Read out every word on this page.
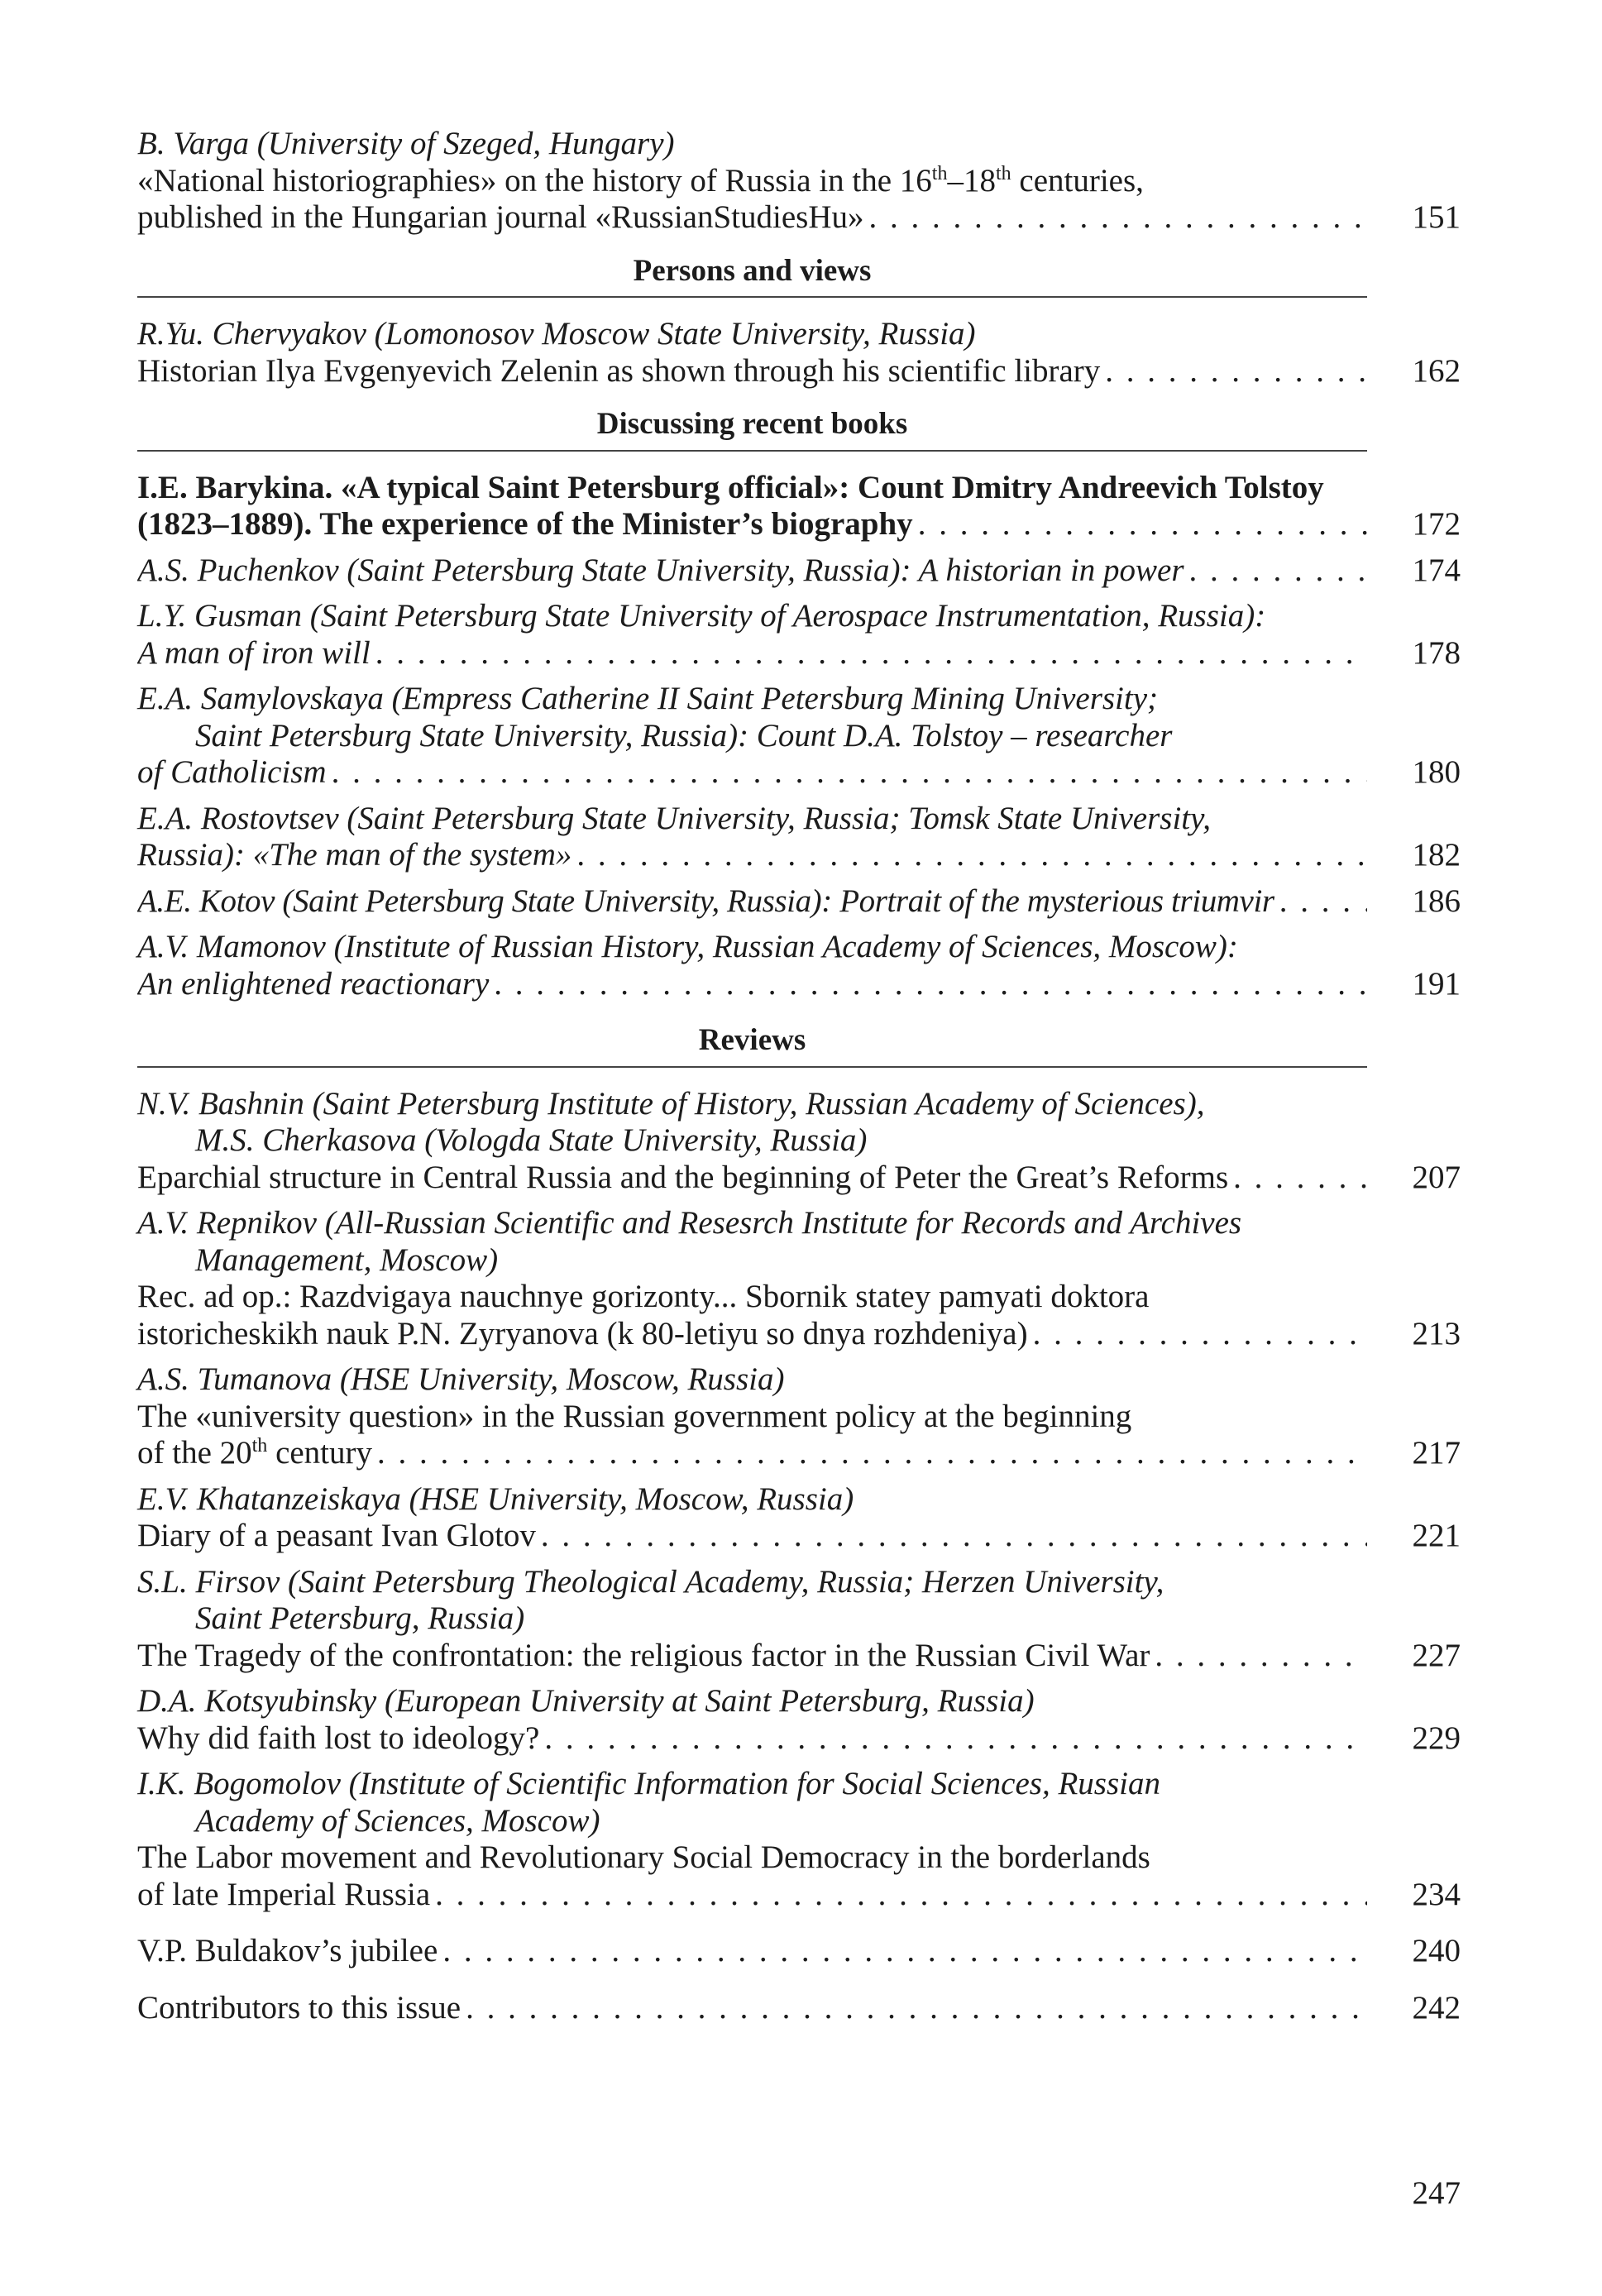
B. Varga (University of Szeged, Hungary)
«National historiographies» on the history of Russia in the 16th–18th centuries,
published in the Hungarian journal «RussianStudiesHu» . . .	151
Persons and views
R.Yu. Chervyakov (Lomonosov Moscow State University, Russia)
Historian Ilya Evgenyevich Zelenin as shown through his scientific library . . .	162
Discussing recent books
I.E. Barykina. «A typical Saint Petersburg official»: Count Dmitry Andreevich Tolstoy
(1823–1889). The experience of the Minister’s biography . . .	172
A.S. Puchenkov (Saint Petersburg State University, Russia): A historian in power . . .	174
L.Y. Gusman (Saint Petersburg State University of Aerospace Instrumentation, Russia):
A man of iron will . . .	178
E.A. Samylovskaya (Empress Catherine II Saint Petersburg Mining University;
Saint Petersburg State University, Russia): Count D.A. Tolstoy – researcher
of Catholicism . . .	180
E.A. Rostovtsev (Saint Petersburg State University, Russia; Tomsk State University,
Russia): «The man of the system» . . .	182
A.E. Kotov (Saint Petersburg State University, Russia): Portrait of the mysterious triumvir . . .	186
A.V. Mamonov (Institute of Russian History, Russian Academy of Sciences, Moscow):
An enlightened reactionary . . .	191
Reviews
N.V. Bashnin (Saint Petersburg Institute of History, Russian Academy of Sciences),
M.S. Cherkasova (Vologda State University, Russia)
Eparchial structure in Central Russia and the beginning of Peter the Great’s Reforms . . .	207
A.V. Repnikov (All-Russian Scientific and Resesrch Institute for Records and Archives
Management, Moscow)
Rec. ad op.: Razdvigaya nauchnye gorizonty... Sbornik statey pamyati doktora
istoricheskikh nauk P.N. Zyryanova (k 80-letiyu so dnya rozhdeniya) . . .	213
A.S. Tumanova (HSE University, Moscow, Russia)
The «university question» in the Russian government policy at the beginning
of the 20th century . . .	217
E.V. Khatanzeiskaya (HSE University, Moscow, Russia)
Diary of a peasant Ivan Glotov . . .	221
S.L. Firsov (Saint Petersburg Theological Academy, Russia; Herzen University,
Saint Petersburg, Russia)
The Tragedy of the confrontation: the religious factor in the Russian Civil War . . .	227
D.A. Kotsyubinsky (European University at Saint Petersburg, Russia)
Why did faith lost to ideology? . . .	229
I.K. Bogomolov (Institute of Scientific Information for Social Sciences, Russian
Academy of Sciences, Moscow)
The Labor movement and Revolutionary Social Democracy in the borderlands
of late Imperial Russia . . .	234
V.P. Buldakov’s jubilee . . .	240
Contributors to this issue . . .	242
247
